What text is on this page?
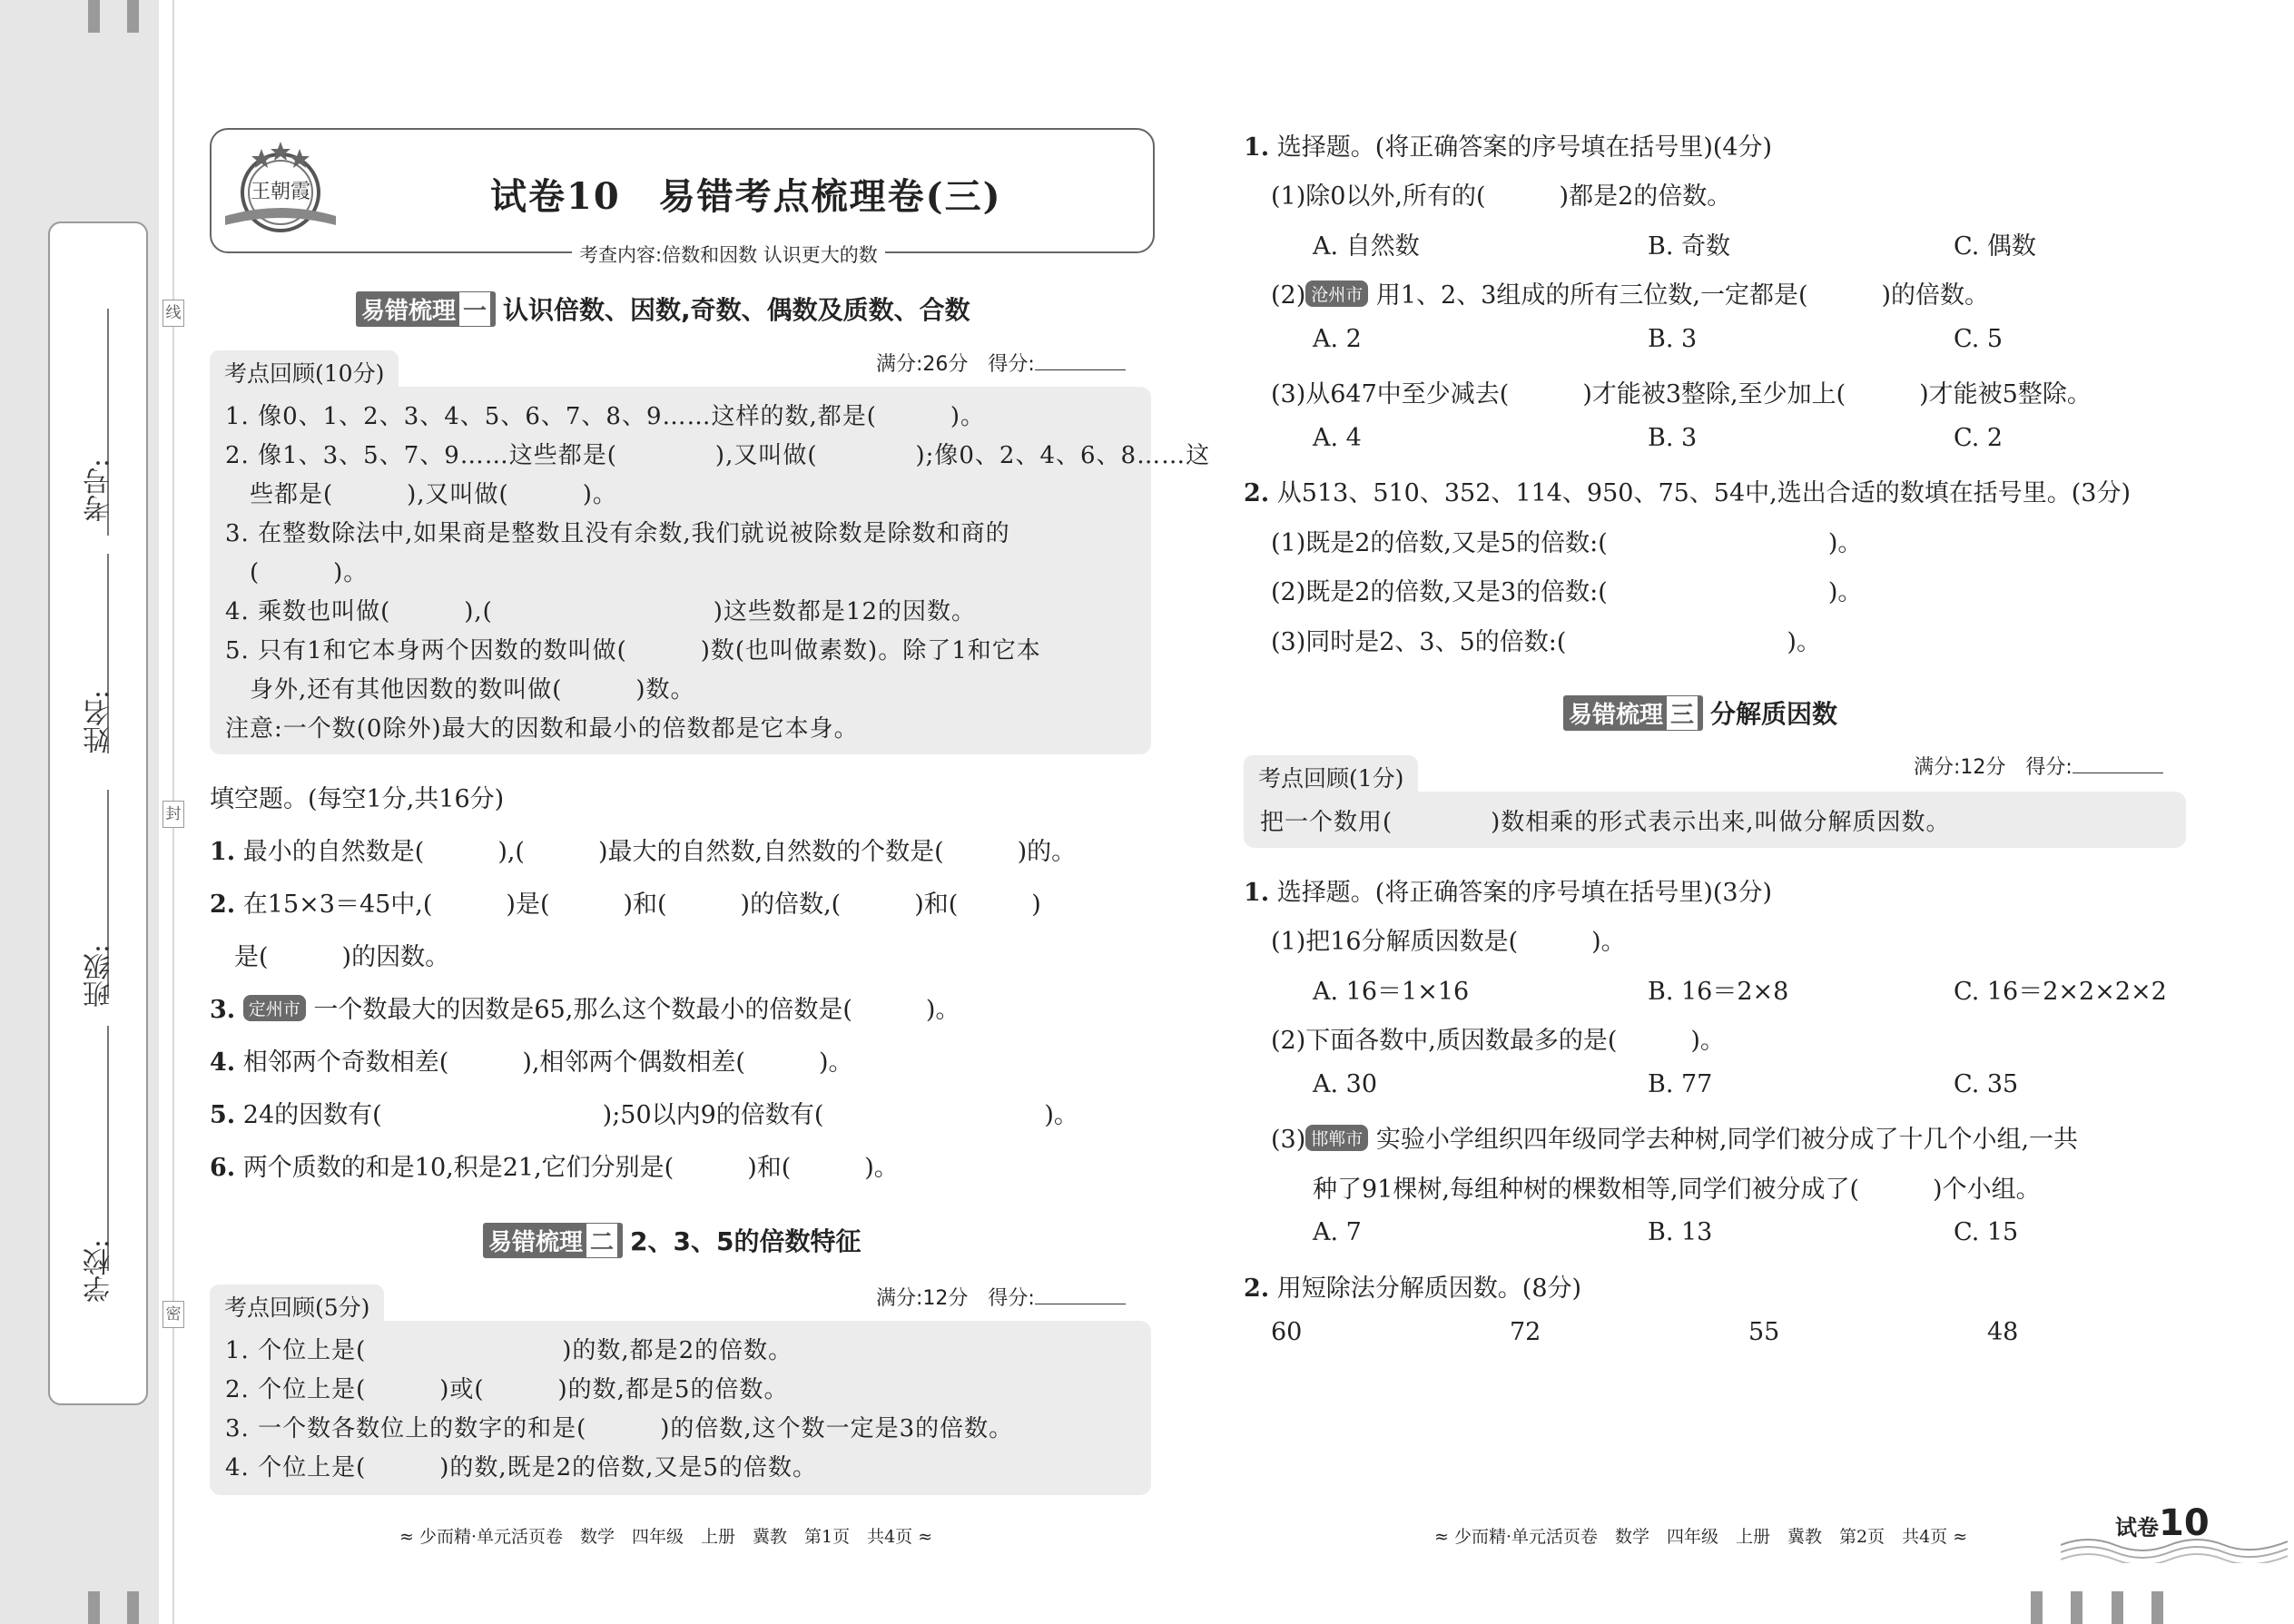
考号:
姓名:
班级:
学校:
线
封
密
王朝霞	试卷10　易错考点梳理卷(三)
考查内容:倍数和因数 认识更大的数
易错梳理 一 认识倍数、因数,奇数、偶数及质数、合数
考点回顾(10分)	满分:26分　得分:
1. 像0、1、2、3、4、5、6、7、8、9……这样的数,都是(　　　)。
2. 像1、3、5、7、9……这些都是(　　　　),又叫做(　　　　);像0、2、4、6、8……这
　些都是(　　　),又叫做(　　　)。
3. 在整数除法中,如果商是整数且没有余数,我们就说被除数是除数和商的
　(　　　)。
4. 乘数也叫做(　　　),(　　　　　　　　　)这些数都是12的因数。
5. 只有1和它本身两个因数的数叫做(　　　)数(也叫做素数)。除了1和它本
　身外,还有其他因数的数叫做(　　　)数。
注意:一个数(0除外)最大的因数和最小的倍数都是它本身。
填空题。(每空1分,共16分)
1. 最小的自然数是(　　　),(　　　)最大的自然数,自然数的个数是(　　　)的。
2. 在15×3＝45中,(　　　)是(　　　)和(　　　)的倍数,(　　　)和(　　　)
是(　　　)的因数。
3. 定州市 一个数最大的因数是65,那么这个数最小的倍数是(　　　)。
4. 相邻两个奇数相差(　　　),相邻两个偶数相差(　　　)。
5. 24的因数有(　　　　　　　　　);50以内9的倍数有(　　　　　　　　　)。
6. 两个质数的和是10,积是21,它们分别是(　　　)和(　　　)。
易错梳理 二 2、3、5的倍数特征
考点回顾(5分)	满分:12分　得分:
1. 个位上是(　　　　　　　　)的数,都是2的倍数。
2. 个位上是(　　　)或(　　　)的数,都是5的倍数。
3. 一个数各数位上的数字的和是(　　　)的倍数,这个数一定是3的倍数。
4. 个位上是(　　　)的数,既是2的倍数,又是5的倍数。
1. 选择题。(将正确答案的序号填在括号里)(4分)
(1)除0以外,所有的(　　　)都是2的倍数。
A. 自然数	B. 奇数	C. 偶数
(2) 沧州市 用1、2、3组成的所有三位数,一定都是(　　　)的倍数。
A. 2	B. 3	C. 5
(3)从647中至少减去(　　　)才能被3整除,至少加上(　　　)才能被5整除。
A. 4	B. 3	C. 2
2. 从513、510、352、114、950、75、54中,选出合适的数填在括号里。(3分)
(1)既是2的倍数,又是5的倍数:(　　　　　　　　　)。
(2)既是2的倍数,又是3的倍数:(　　　　　　　　　)。
(3)同时是2、3、5的倍数:(　　　　　　　　　)。
易错梳理 三 分解质因数
考点回顾(1分)	满分:12分　得分:
把一个数用(　　　　)数相乘的形式表示出来,叫做分解质因数。
1. 选择题。(将正确答案的序号填在括号里)(3分)
(1)把16分解质因数是(　　　)。
A. 16＝1×16	B. 16＝2×8	C. 16＝2×2×2×2
(2)下面各数中,质因数最多的是(　　　)。
A. 30	B. 77	C. 35
(3) 邯郸市 实验小学组织四年级同学去种树,同学们被分成了十几个小组,一共
种了91棵树,每组种树的棵数相等,同学们被分成了(　　　)个小组。
A. 7	B. 13	C. 15
2. 用短除法分解质因数。(8分)
60	72	55	48
≈ 少而精·单元活页卷　数学　四年级　上册　冀教　第1页　共4页 ≈	≈ 少而精·单元活页卷　数学　四年级　上册　冀教　第2页　共4页 ≈	试卷10
